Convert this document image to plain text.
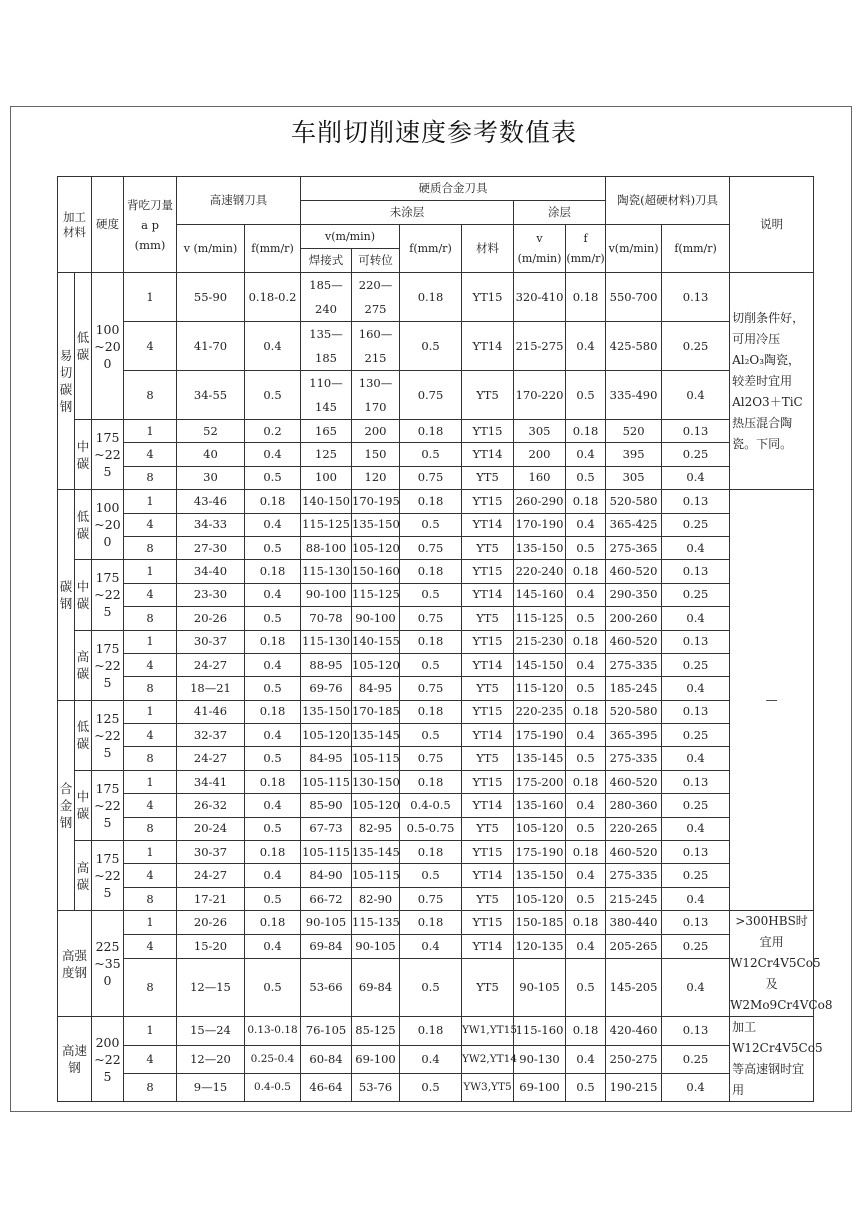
车削切削速度参考数值表
加工材料		硬度	背吃刀量a p (mm)	高速钢刀具		硬质合金刀具						陶瓷(超硬材料)刀具		说明
						未涂层				涂层				
				v (m/min)	f(mm/r)	v(m/min)		f(mm/r)	材料	v (m/min)	f (mm/r)	v(m/min)	f(mm/r)	
						焊接式	可转位							
易切碳钢	低碳	100~200	1	55-90	0.18-0.2	185—240	220—275	0.18	YT15	320-410	0.18	550-700	0.13	切削条件好，可用冷压Al₂O₃陶瓷，较差时宜用Al2O3＋TiC热压混合陶瓷。下同。
			4	41-70	0.4	135—185	160—215	0.5	YT14	215-275	0.4	425-580	0.25	
			8	34-55	0.5	110—145	130—170	0.75	YT5	170-220	0.5	335-490	0.4	
	中碳	175~225	1	52	0.2	165	200	0.18	YT15	305	0.18	520	0.13	
			4	40	0.4	125	150	0.5	YT14	200	0.4	395	0.25	
			8	30	0.5	100	120	0.75	YT5	160	0.5	305	0.4	
碳钢	低碳	100~200	1	43-46	0.18	140-150	170-195	0.18	YT15	260-290	0.18	520-580	0.13	—
			4	34-33	0.4	115-125	135-150	0.5	YT14	170-190	0.4	365-425	0.25	
			8	27-30	0.5	88-100	105-120	0.75	YT5	135-150	0.5	275-365	0.4	
	中碳	175~225	1	34-40	0.18	115-130	150-160	0.18	YT15	220-240	0.18	460-520	0.13	
			4	23-30	0.4	90-100	115-125	0.5	YT14	145-160	0.4	290-350	0.25	
			8	20-26	0.5	70-78	90-100	0.75	YT5	115-125	0.5	200-260	0.4	
	高碳	175~225	1	30-37	0.18	115-130	140-155	0.18	YT15	215-230	0.18	460-520	0.13	
			4	24-27	0.4	88-95	105-120	0.5	YT14	145-150	0.4	275-335	0.25	
			8	18—21	0.5	69-76	84-95	0.75	YT5	115-120	0.5	185-245	0.4	
合金钢	低碳	125~225	1	41-46	0.18	135-150	170-185	0.18	YT15	220-235	0.18	520-580	0.13	
			4	32-37	0.4	105-120	135-145	0.5	YT14	175-190	0.4	365-395	0.25	
			8	24-27	0.5	84-95	105-115	0.75	YT5	135-145	0.5	275-335	0.4	
	中碳	175~225	1	34-41	0.18	105-115	130-150	0.18	YT15	175-200	0.18	460-520	0.13	
			4	26-32	0.4	85-90	105-120	0.4-0.5	YT14	135-160	0.4	280-360	0.25	
			8	20-24	0.5	67-73	82-95	0.5-0.75	YT5	105-120	0.5	220-265	0.4	
	高碳	175~225	1	30-37	0.18	105-115	135-145	0.18	YT15	175-190	0.18	460-520	0.13	
			4	24-27	0.4	84-90	105-115	0.5	YT14	135-150	0.4	275-335	0.25	
			8	17-21	0.5	66-72	82-90	0.75	YT5	105-120	0.5	215-245	0.4	
高强度钢		225~350	1	20-26	0.18	90-105	115-135	0.18	YT15	150-185	0.18	380-440	0.13	>300HBS时宜用W12Cr4V5Co5及W2Mo9Cr4VCo8
			4	15-20	0.4	69-84	90-105	0.4	YT14	120-135	0.4	205-265	0.25	
			8	12—15	0.5	53-66	69-84	0.5	YT5	90-105	0.5	145-205	0.4	
高速钢		200~225	1	15—24	0.13-0.18	76-105	85-125	0.18	YW1,YT15	115-160	0.18	420-460	0.13	加工W12Cr4V5Co5等高速钢时宜用
			4	12—20	0.25-0.4	60-84	69-100	0.4	YW2,YT14	90-130	0.4	250-275	0.25	
			8	9—15	0.4-0.5	46-64	53-76	0.5	YW3,YT5	69-100	0.5	190-215	0.4	
